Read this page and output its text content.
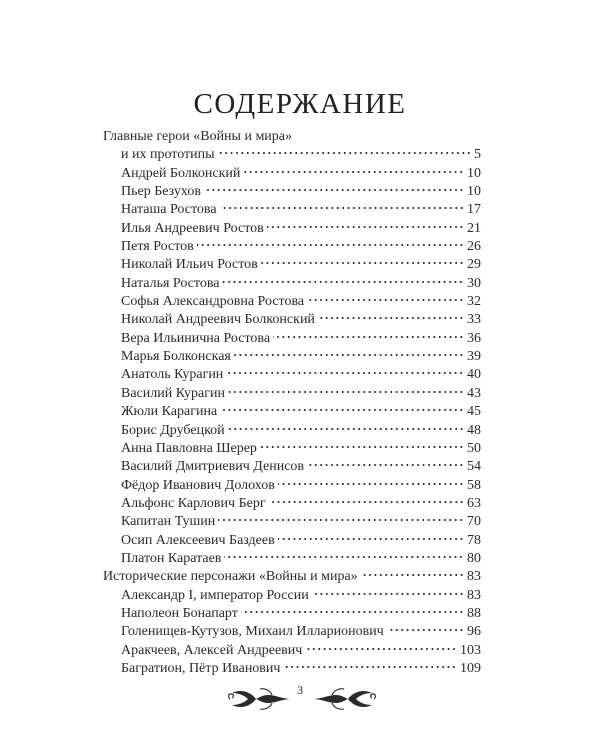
СОДЕРЖАНИЕ
Главные герои «Войны и мира»
и их прототипы	5
Андрей Болконский	10
Пьер Безухов	10
Наташа Ростова	17
Илья Андреевич Ростов	21
Петя Ростов	26
Николай Ильич Ростов	29
Наталья Ростова	30
Софья Александровна Ростова	32
Николай Андреевич Болконский	33
Вера Ильинична Ростова	36
Марья Болконская	39
Анатоль Курагин	40
Василий Курагин	43
Жюли Карагина	45
Борис Друбецкой	48
Анна Павловна Шерер	50
Василий Дмитриевич Денисов	54
Фёдор Иванович Долохов	58
Альфонс Карлович Берг	63
Капитан Тушин	70
Осип Алексеевич Баздеев	78
Платон Каратаев	80
Исторические персонажи «Войны и мира»	83
Александр I, император России	83
Наполеон Бонапарт	88
Голенищев-Кутузов, Михаил Илларионович	96
Аракчеев, Алексей Андреевич	103
Багратион, Пётр Иванович	109
3
